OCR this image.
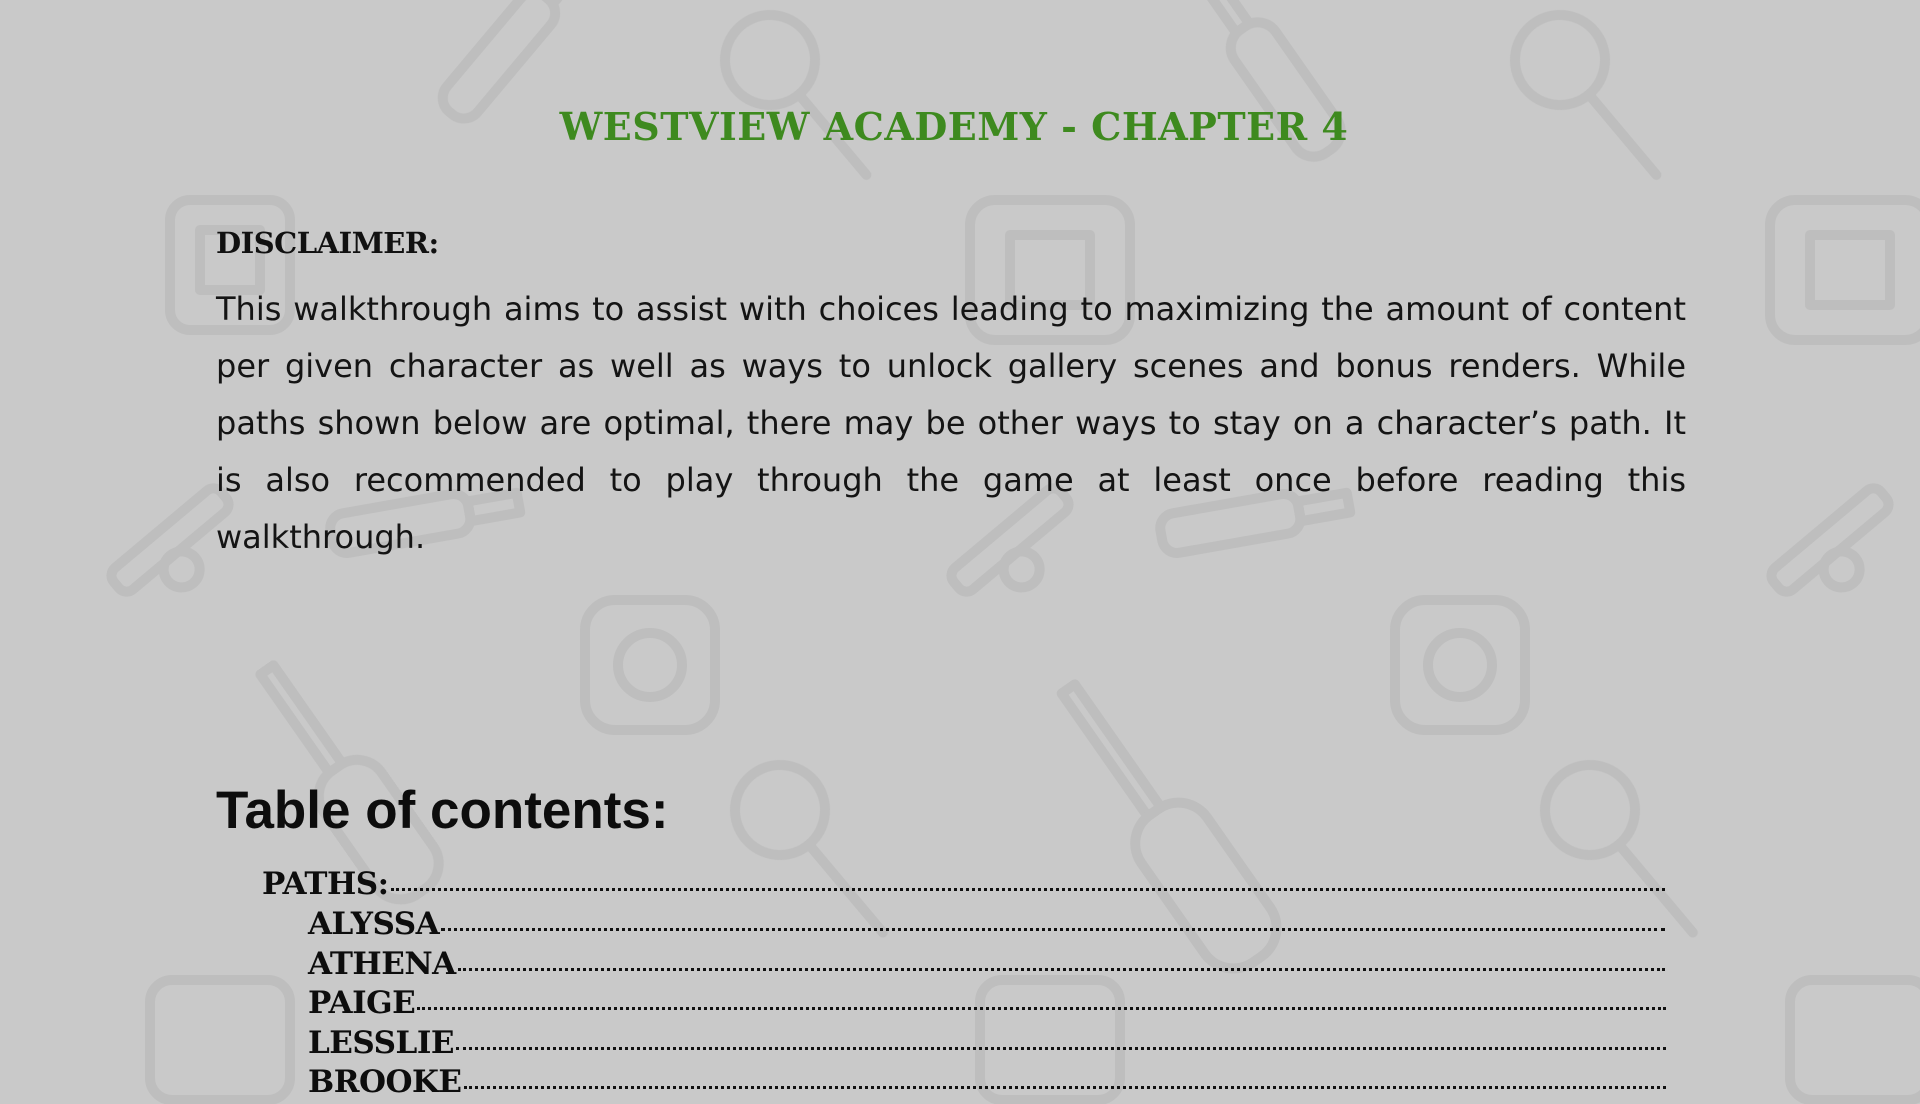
WESTVIEW ACADEMY - CHAPTER 4
DISCLAIMER:
This walkthrough aims to assist with choices leading to maximizing the amount of content per given character as well as ways to unlock gallery scenes and bonus renders. While paths shown below are optimal, there may be other ways to stay on a character’s path. It is also recommended to play through the game at least once before reading this walkthrough.
Table of contents:
PATHS:
ALYSSA
ATHENA
PAIGE
LESSLIE
BROOKE
